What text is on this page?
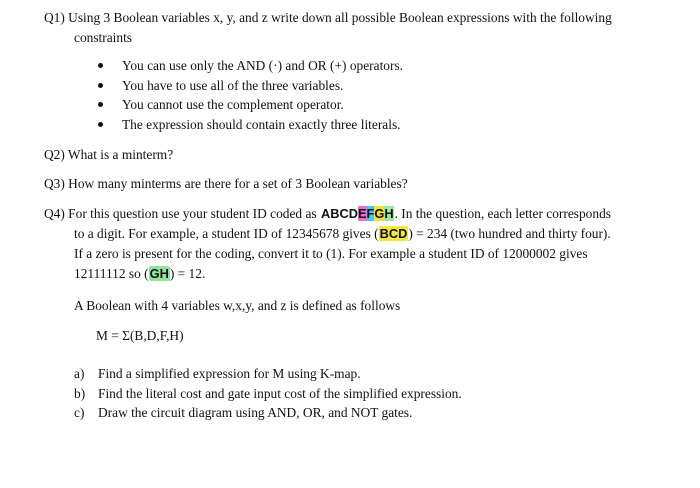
Q1) Using 3 Boolean variables x, y, and z write down all possible Boolean expressions with the following
constraints
You can use only the AND (·) and OR (+) operators.
You have to use all of the three variables.
You cannot use the complement operator.
The expression should contain exactly three literals.
Q2) What is a minterm?
Q3) How many minterms are there for a set of 3 Boolean variables?
Q4) For this question use your student ID coded as ABCDEFGH. In the question, each letter corresponds
to a digit. For example, a student ID of 12345678 gives (BCD) = 234 (two hundred and thirty four).
If a zero is present for the coding, convert it to (1). For example a student ID of 12000002 gives
12111112 so (GH) = 12.
A Boolean with 4 variables w,x,y, and z is defined as follows
M = Σ(B,D,F,H)
a) Find a simplified expression for M using K-map.
b) Find the literal cost and gate input cost of the simplified expression.
c) Draw the circuit diagram using AND, OR, and NOT gates.
